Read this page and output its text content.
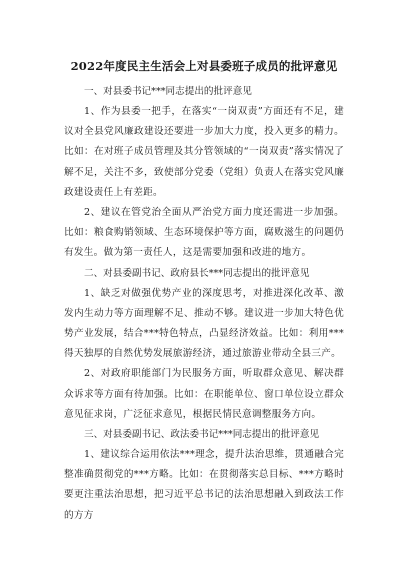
2022年度民主生活会上对县委班子成员的批评意见

一、对县委书记***同志提出的批评意见

1、作为县委一把手，在落实“一岗双责”方面还有不足，建议对全县党风廉政建设还要进一步加大力度，投入更多的精力。比如：在对班子成员管理及其分管领域的“一岗双责”落实情况了解不足，关注不多，致使部分党委（党组）负责人在落实党风廉政建设责任上有差距。

2、建议在管党治全面从严治党方面力度还需进一步加强。比如：粮食购销领域、生态环境保护等方面，腐败滋生的问题仍有发生。做为第一责任人，这是需要加强和改进的地方。

二、对县委副书记、政府县长***同志提出的批评意见

1、缺乏对做强优势产业的深度思考，对推进深化改革、激发内生动力等方面理解不足、推动不够。建议进一步加大特色优势产业发展，结合***特色特点，凸显经济效益。比如：利用***得天独厚的自然优势发展旅游经济，通过旅游业带动全县三产。

2、对政府职能部门为民服务方面，听取群众意见、解决群众诉求等方面有待加强。比如：在职能单位、窗口单位设立群众意见征求岗，广泛征求意见，根据民情民意调整服务方向。

三、对县委副书记、政法委书记***同志提出的批评意见

1、建议综合运用依法***理念，提升法治思维，贯通融合完整准确贯彻党的***方略。比如：在贯彻落实总目标、***方略时要更注重法治思想，把习近平总书记的法治思想融入到政法工作的方方
